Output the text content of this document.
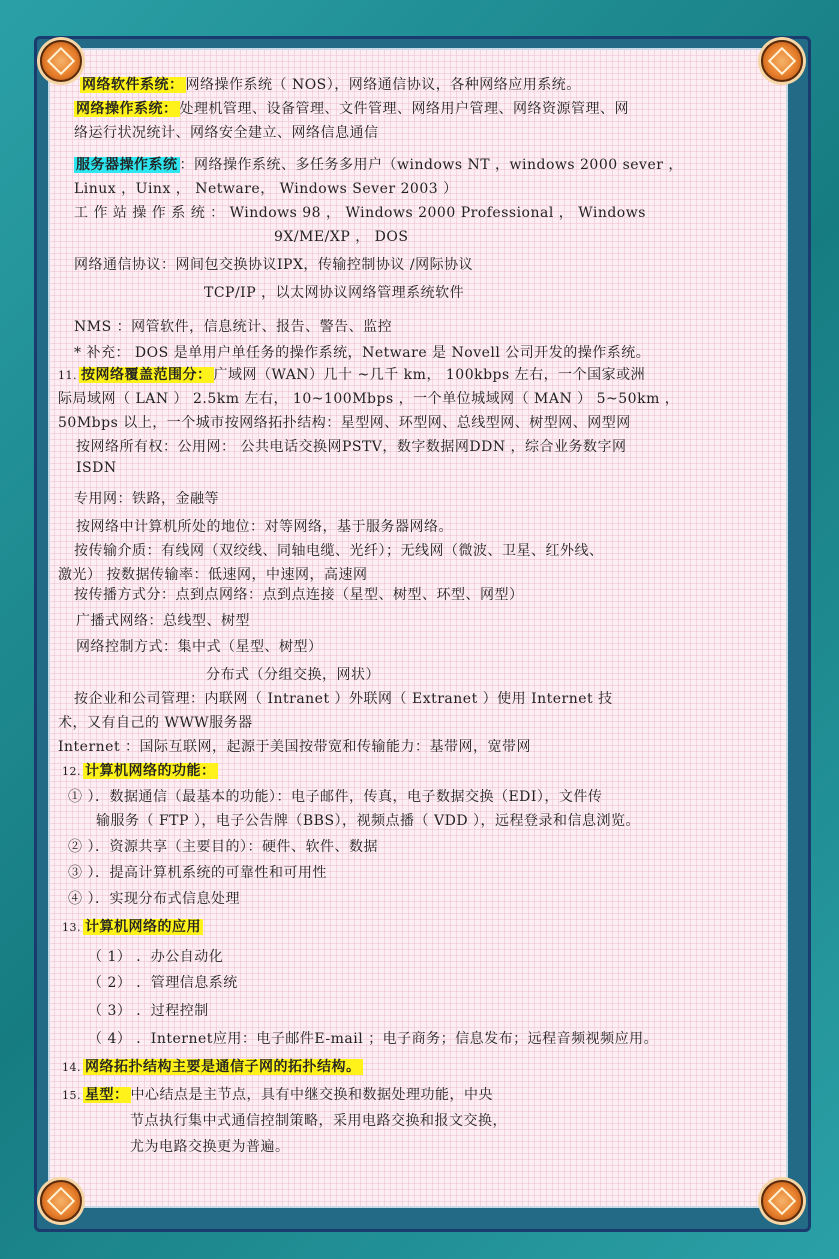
网络软件系统： 网络操作系统（ NOS），网络通信协议，各种网络应用系统。
网络操作系统： 处理机管理、设备管理、文件管理、网络用户管理、网络资源管理、网
络运行状况统计、网络安全建立、网络信息通信
服务器操作系统 ：网络操作系统、多任务多用户（windows NT ，windows 2000 sever ，
Linux ，Uinx ， Netware， Windows Sever 2003 ）
工 作 站 操 作 系 统 ： Windows 98 ， Windows 2000 Professional ， Windows
9X/ME/XP ， DOS
网络通信协议：网间包交换协议IPX，传输控制协议 /网际协议
TCP/IP ，以太网协议网络管理系统软件
NMS ：网管软件，信息统计、报告、警告、监控
* 补充： DOS 是单用户单任务的操作系统，Netware 是 Novell 公司开发的操作系统。
11. 按网络覆盖范围分： 广域网（WAN）几十 ~几千 km， 100kbps 左右，一个国家或洲
际局域网（ LAN ） 2.5km 左右， 10~100Mbps ，一个单位城域网（ MAN ） 5~50km ，
50Mbps 以上，一个城市按网络拓扑结构：星型网、环型网、总线型网、树型网、网型网
按网络所有权：公用网： 公共电话交换网PSTV，数字数据网DDN ，综合业务数字网
ISDN
专用网：铁路，金融等
按网络中计算机所处的地位：对等网络，基于服务器网络。
按传输介质：有线网（双绞线、同轴电缆、光纤）；无线网（微波、卫星、红外线、
激光） 按数据传输率：低速网，中速网，高速网
按传播方式分：点到点网络：点到点连接（星型、树型、环型、网型）
广播式网络：总线型、树型
网络控制方式：集中式（星型、树型）
分布式（分组交换，网状）
按企业和公司管理：内联网（ Intranet ）外联网（ Extranet ）使用 Internet 技
术，又有自己的 WWW服务器
Internet ：国际互联网，起源于美国按带宽和传输能力：基带网，宽带网
12. 计算机网络的功能：
① ）．数据通信（最基本的功能）：电子邮件，传真，电子数据交换（EDI），文件传
输服务（ FTP ），电子公告牌（BBS），视频点播（ VDD ），远程登录和信息浏览。
② ）．资源共享（主要目的）：硬件、软件、数据
③ ）．提高计算机系统的可靠性和可用性
④ ）．实现分布式信息处理
13. 计算机网络的应用
（ 1） ．办公自动化
（ 2） ．管理信息系统
（ 3） ．过程控制
（ 4） ．Internet应用：电子邮件E-mail ；电子商务；信息发布；远程音频视频应用。
14. 网络拓扑结构主要是通信子网的拓扑结构。
15. 星型： 中心结点是主节点，具有中继交换和数据处理功能，中央
节点执行集中式通信控制策略，采用电路交换和报文交换，
尤为电路交换更为普遍。
